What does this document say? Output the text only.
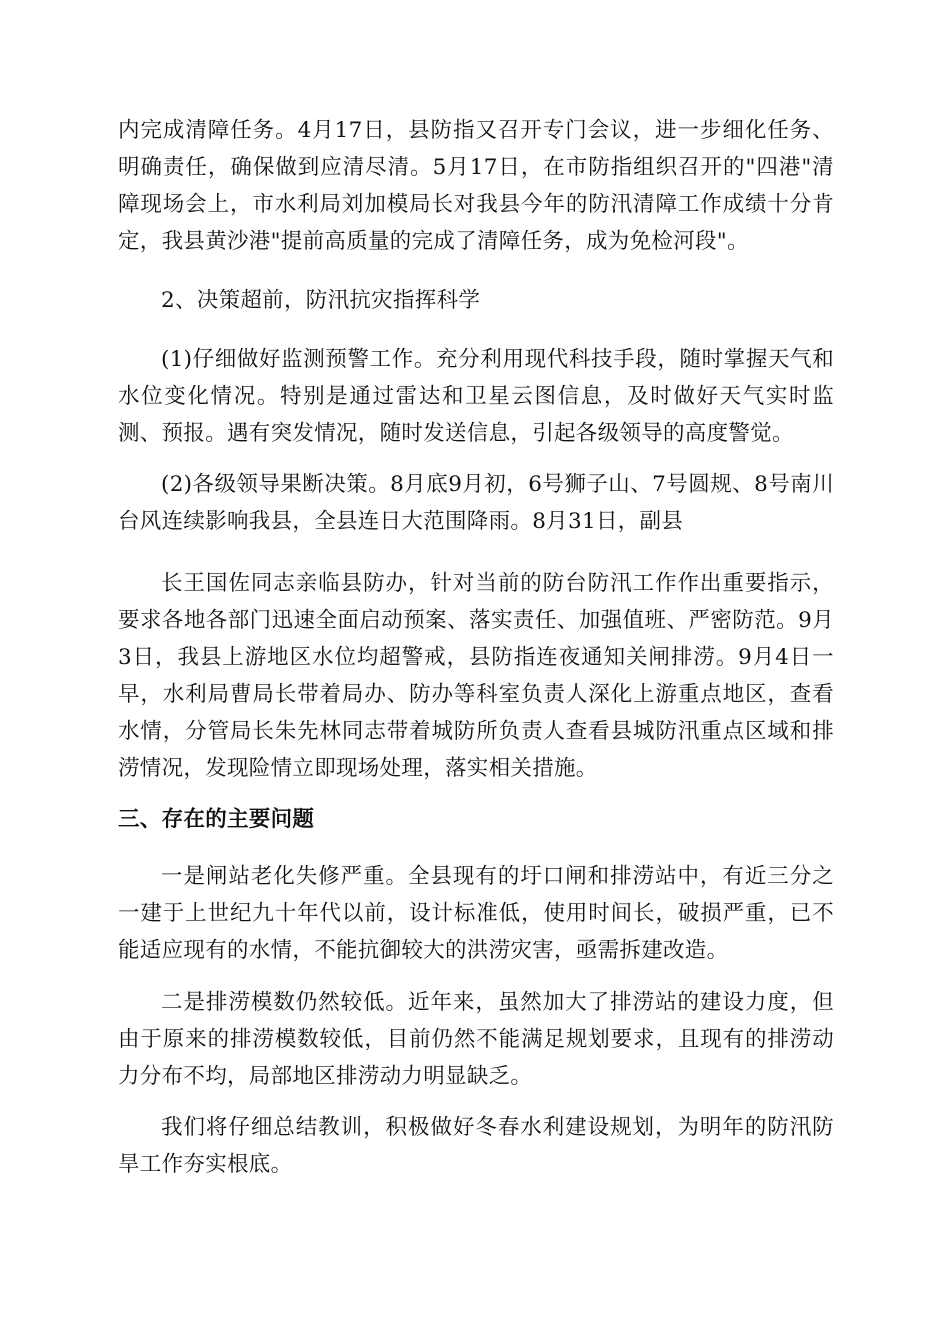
内完成清障任务。4月17日，县防指又召开专门会议，进一步细化任务、明确责任，确保做到应清尽清。5月17日，在市防指组织召开的"四港"清障现场会上，市水利局刘加模局长对我县今年的防汛清障工作成绩十分肯定，我县黄沙港"提前高质量的完成了清障任务，成为免检河段"。

2、决策超前，防汛抗灾指挥科学

(1)仔细做好监测预警工作。充分利用现代科技手段，随时掌握天气和水位变化情况。特别是通过雷达和卫星云图信息，及时做好天气实时监测、预报。遇有突发情况，随时发送信息，引起各级领导的高度警觉。

(2)各级领导果断决策。8月底9月初，6号狮子山、7号圆规、8号南川台风连续影响我县，全县连日大范围降雨。8月31日，副县

长王国佐同志亲临县防办，针对当前的防台防汛工作作出重要指示，要求各地各部门迅速全面启动预案、落实责任、加强值班、严密防范。9月3日，我县上游地区水位均超警戒，县防指连夜通知关闸排涝。9月4日一早，水利局曹局长带着局办、防办等科室负责人深化上游重点地区，查看水情，分管局长朱先林同志带着城防所负责人查看县城防汛重点区域和排涝情况，发现险情立即现场处理，落实相关措施。

三、存在的主要问题

一是闸站老化失修严重。全县现有的圩口闸和排涝站中，有近三分之一建于上世纪九十年代以前，设计标准低，使用时间长，破损严重，已不能适应现有的水情，不能抗御较大的洪涝灾害，亟需拆建改造。

二是排涝模数仍然较低。近年来，虽然加大了排涝站的建设力度，但由于原来的排涝模数较低，目前仍然不能满足规划要求，且现有的排涝动力分布不均，局部地区排涝动力明显缺乏。

我们将仔细总结教训，积极做好冬春水利建设规划，为明年的防汛防旱工作夯实根底。
